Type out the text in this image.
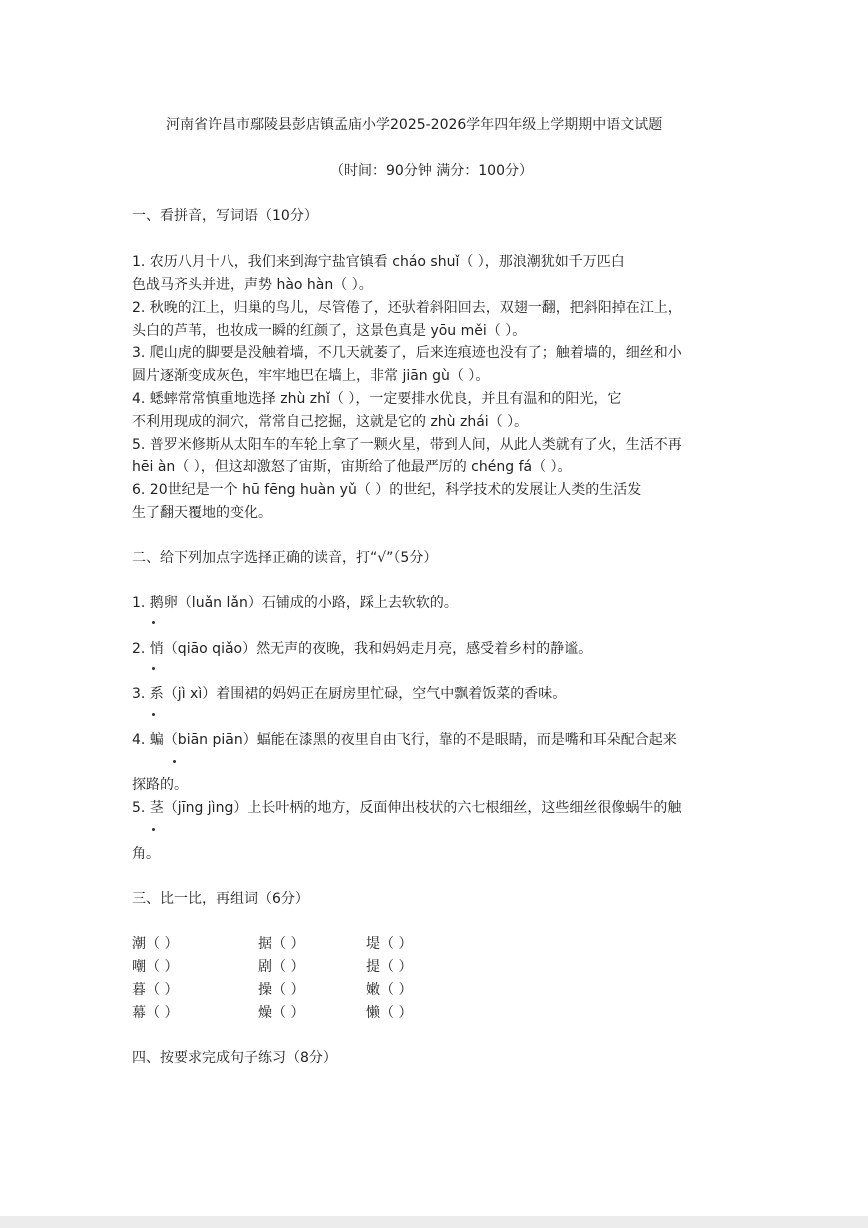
河南省许昌市鄢陵县彭店镇孟庙小学2025-2026学年四年级上学期期中语文试题
（时间：90分钟 满分：100分）
一、看拼音，写词语（10分）
1. 农历八月十八，我们来到海宁盐官镇看 cháo shuǐ（ ），那浪潮犹如千万匹白
色战马齐头并进，声势 hào hàn（ ）。
2. 秋晚的江上，归巢的鸟儿，尽管倦了，还驮着斜阳回去，双翅一翻，把斜阳掉在江上，
头白的芦苇，也妆成一瞬的红颜了，这景色真是 yōu měi（ ）。
3. 爬山虎的脚要是没触着墙，不几天就萎了，后来连痕迹也没有了；触着墙的，细丝和小
圆片逐渐变成灰色，牢牢地巴在墙上，非常 jiān gù（ ）。
4. 蟋蟀常常慎重地选择 zhù zhǐ（ ），一定要排水优良，并且有温和的阳光，它
不利用现成的洞穴，常常自己挖掘，这就是它的 zhù zhái（ ）。
5. 普罗米修斯从太阳车的车轮上拿了一颗火星，带到人间，从此人类就有了火，生活不再
hēi àn（ ），但这却激怒了宙斯，宙斯给了他最严厉的 chéng fá（ ）。
6. 20世纪是一个 hū fēng huàn yǔ（ ）的世纪，科学技术的发展让人类的生活发
生了翻天覆地的变化。
二、给下列加点字选择正确的读音，打“√”（5分）
1. 鹅卵（luǎn lǎn）石铺成的小路，踩上去软软的。
2. 悄（qiāo qiǎo）然无声的夜晚，我和妈妈走月亮，感受着乡村的静谧。
3. 系（jì xì）着围裙的妈妈正在厨房里忙碌，空气中飘着饭菜的香味。
4. 蝙（biān piān）蝠能在漆黑的夜里自由飞行，靠的不是眼睛，而是嘴和耳朵配合起来
探路的。
5. 茎（jīng jìng）上长叶柄的地方，反面伸出枝状的六七根细丝，这些细丝很像蜗牛的触
角。
三、比一比，再组词（6分）
潮（ ）	据（ ）	堤（ ）
嘲（ ）	剧（ ）	提（ ）
暮（ ）	操（ ）	嫩（ ）
幕（ ）	燥（ ）	懒（ ）
四、按要求完成句子练习（8分）
